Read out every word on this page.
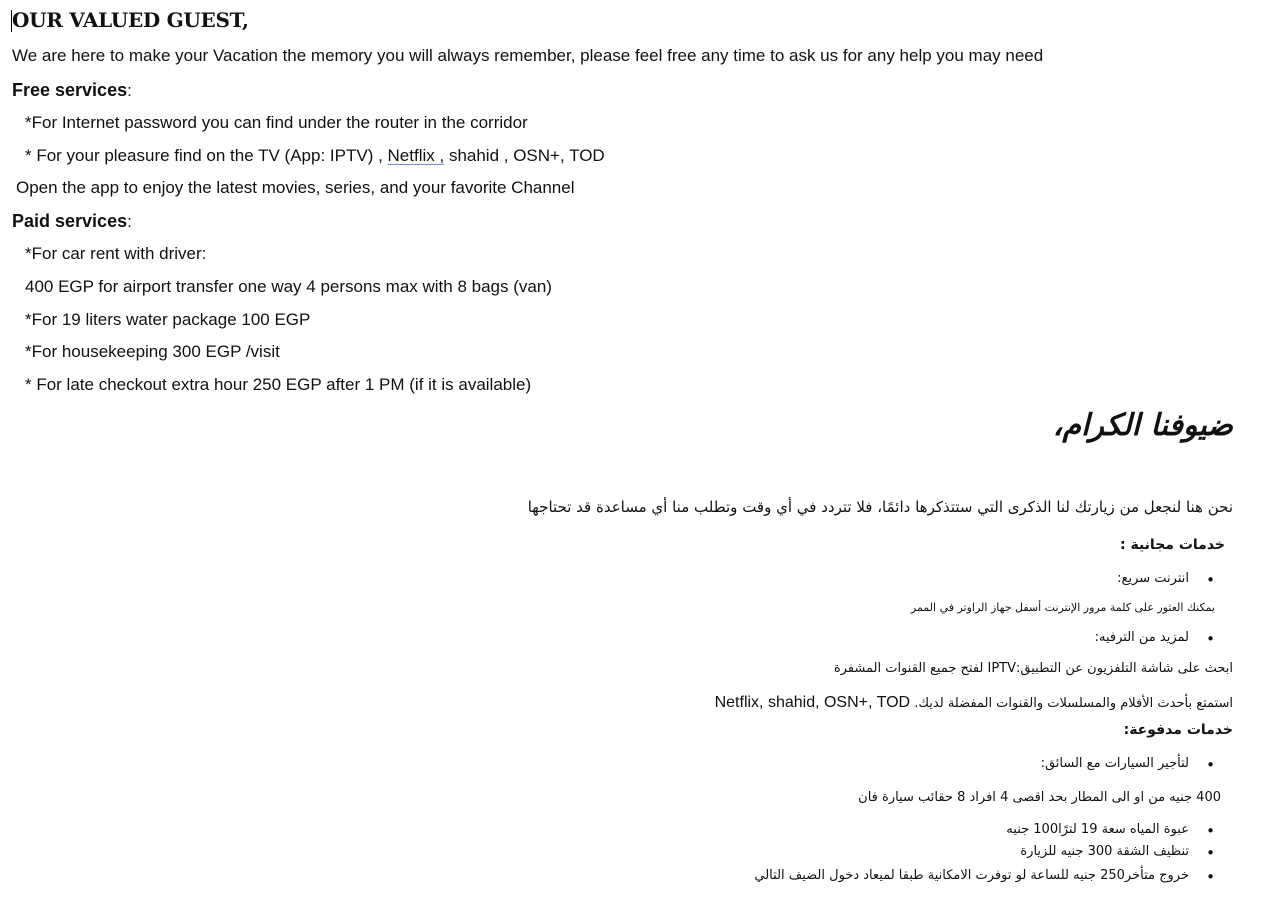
OUR VALUED GUEST,
We are here to make your Vacation the memory you will always remember, please feel free any time to ask us for any help you may need
Free services:
*For Internet password you can find under the router in the corridor
* For your pleasure find on the TV (App: IPTV) , Netflix , shahid , OSN+, TOD
Open the app to enjoy the latest movies, series, and your favorite Channel
Paid services:
*For car rent with driver:
400 EGP for airport transfer one way 4 persons max with 8 bags (van)
*For 19 liters water package 100 EGP
*For housekeeping 300 EGP /visit
* For late checkout extra hour 250 EGP after 1 PM (if it is available)
ضيوفنا الكرام،
نحن هنا لنجعل من زيارتك لنا الذكرى التي ستتذكرها دائمًا، فلا تتردد في أي وقت وتطلب منا أي مساعدة قد تحتاجها
خدمات مجانية :
• انترنت سريع:
يمكنك العثور على كلمة مرور الإنترنت أسفل جهاز الراوتر في الممر
• لمزيد من الترفيه:
ابحث على شاشة التلفزيون عن التطبيق:IPTV لفتح جميع القنوات المشفرة
استمتع بأحدث الأفلام والمسلسلات والقنوات المفضلة لديك. Netflix, shahid, OSN+, TOD
خدمات مدفوعة:
• لتأجير السيارات مع السائق:
400 جنيه من او الى المطار بحد اقصى 4 افراد 8 حقائب سيارة فان
• عبوة المياه سعة 19 لترًا100 جنيه
• تنظيف الشقة 300 جنيه للزيارة
• خروج متأخر250 جنيه للساعة لو توفرت الامكانية طبقا لميعاد دخول الضيف التالي
